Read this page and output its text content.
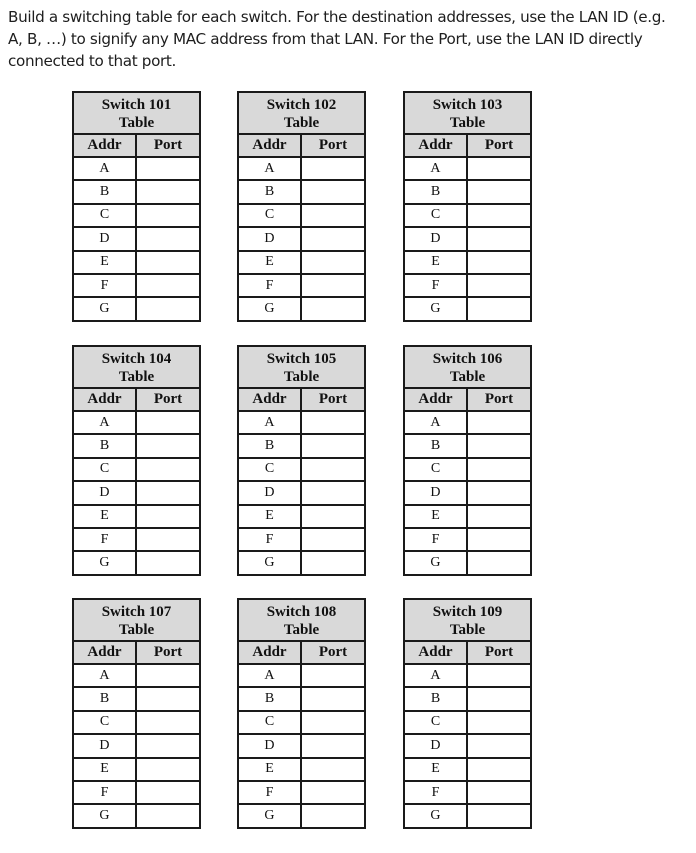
Build a switching table for each switch. For the destination addresses, use the LAN ID (e.g.
A, B, …) to signify any MAC address from that LAN. For the Port, use the LAN ID directly
connected to that port.
Switch 101
Table	

Addr	Port
A	
B	
C	
D	
E	
F	
G	
Switch 102
Table	

Addr	Port
A	
B	
C	
D	
E	
F	
G	
Switch 103
Table	

Addr	Port
A	
B	
C	
D	
E	
F	
G	
Switch 104
Table	

Addr	Port
A	
B	
C	
D	
E	
F	
G	
Switch 105
Table	

Addr	Port
A	
B	
C	
D	
E	
F	
G	
Switch 106
Table	

Addr	Port
A	
B	
C	
D	
E	
F	
G	
Switch 107
Table	

Addr	Port
A	
B	
C	
D	
E	
F	
G	
Switch 108
Table	

Addr	Port
A	
B	
C	
D	
E	
F	
G	
Switch 109
Table	

Addr	Port
A	
B	
C	
D	
E	
F	
G	
